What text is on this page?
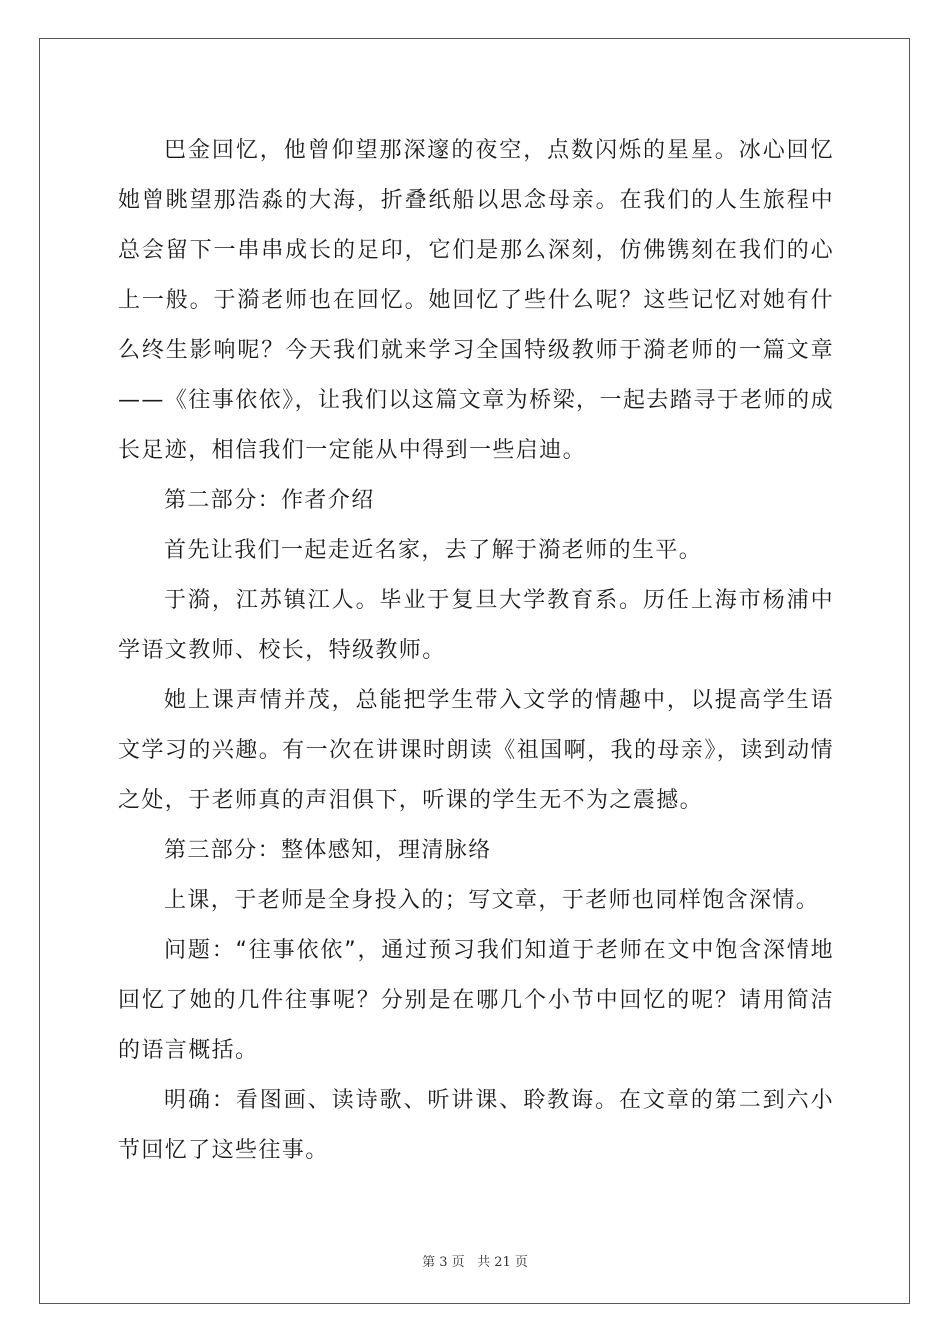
巴金回忆，他曾仰望那深邃的夜空，点数闪烁的星星。冰心回忆她曾眺望那浩淼的大海，折叠纸船以思念母亲。在我们的人生旅程中总会留下一串串成长的足印，它们是那么深刻，仿佛镌刻在我们的心上一般。于漪老师也在回忆。她回忆了些什么呢？这些记忆对她有什么终生影响呢？今天我们就来学习全国特级教师于漪老师的一篇文章——《往事依依》，让我们以这篇文章为桥梁，一起去踏寻于老师的成长足迹，相信我们一定能从中得到一些启迪。

第二部分：作者介绍

首先让我们一起走近名家，去了解于漪老师的生平。

于漪，江苏镇江人。毕业于复旦大学教育系。历任上海市杨浦中学语文教师、校长，特级教师。

她上课声情并茂，总能把学生带入文学的情趣中，以提高学生语文学习的兴趣。有一次在讲课时朗读《祖国啊，我的母亲》，读到动情之处，于老师真的声泪俱下，听课的学生无不为之震撼。

第三部分：整体感知，理清脉络

上课，于老师是全身投入的；写文章，于老师也同样饱含深情。

问题：“往事依依”，通过预习我们知道于老师在文中饱含深情地回忆了她的几件往事呢？分别是在哪几个小节中回忆的呢？请用简洁的语言概括。

明确：看图画、读诗歌、听讲课、聆教诲。在文章的第二到六小节回忆了这些往事。

第 3 页 共 21 页
